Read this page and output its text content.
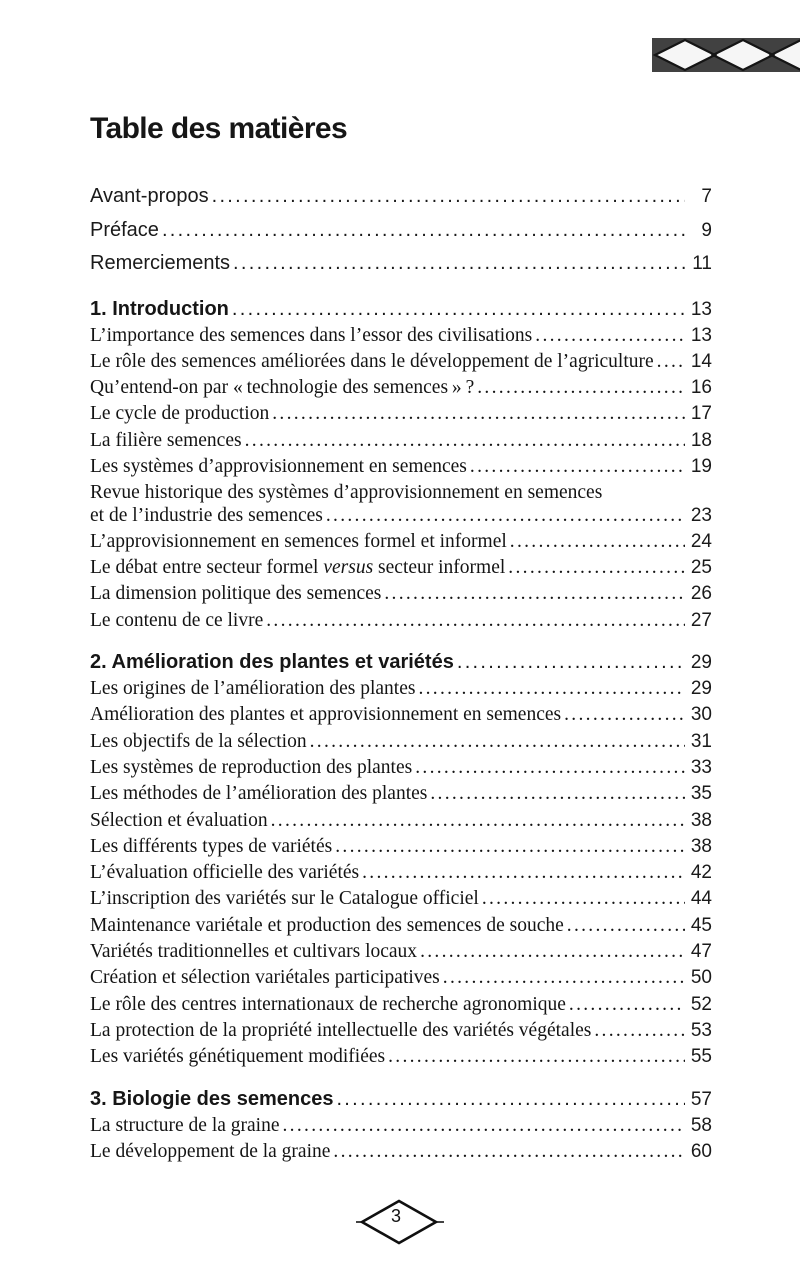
Table des matières
Avant-propos .....	7
Préface .....	9
Remerciements .....	11
1. Introduction .....	13
L’importance des semences dans l’essor des civilisations .....	13
Le rôle des semences améliorées dans le développement de l’agriculture ..... 14
Qu’entend-on par « technologie des semences » ? .....	16
Le cycle de production .....	17
La filière semences .....	18
Les systèmes d’approvisionnement en semences .....	19
Revue historique des systèmes d’approvisionnement en semences
et de l’industrie des semences .....	23
L’approvisionnement en semences formel et informel .....	24
Le débat entre secteur formel versus secteur informel .....	25
La dimension politique des semences .....	26
Le contenu de ce livre .....	27
2. Amélioration des plantes et variétés .....	29
Les origines de l’amélioration des plantes .....	29
Amélioration des plantes et approvisionnement en semences .....	30
Les objectifs de la sélection .....	31
Les systèmes de reproduction des plantes .....	33
Les méthodes de l’amélioration des plantes .....	35
Sélection et évaluation .....	38
Les différents types de variétés .....	38
L’évaluation officielle des variétés .....	42
L’inscription des variétés sur le Catalogue officiel .....	44
Maintenance variétale et production des semences de souche .....	45
Variétés traditionnelles et cultivars locaux .....	47
Création et sélection variétales participatives .....	50
Le rôle des centres internationaux de recherche agronomique .....	52
La protection de la propriété intellectuelle des variétés végétales .....	53
Les variétés génétiquement modifiées .....	55
3. Biologie des semences .....	57
La structure de la graine .....	58
Le développement de la graine .....	60
3
